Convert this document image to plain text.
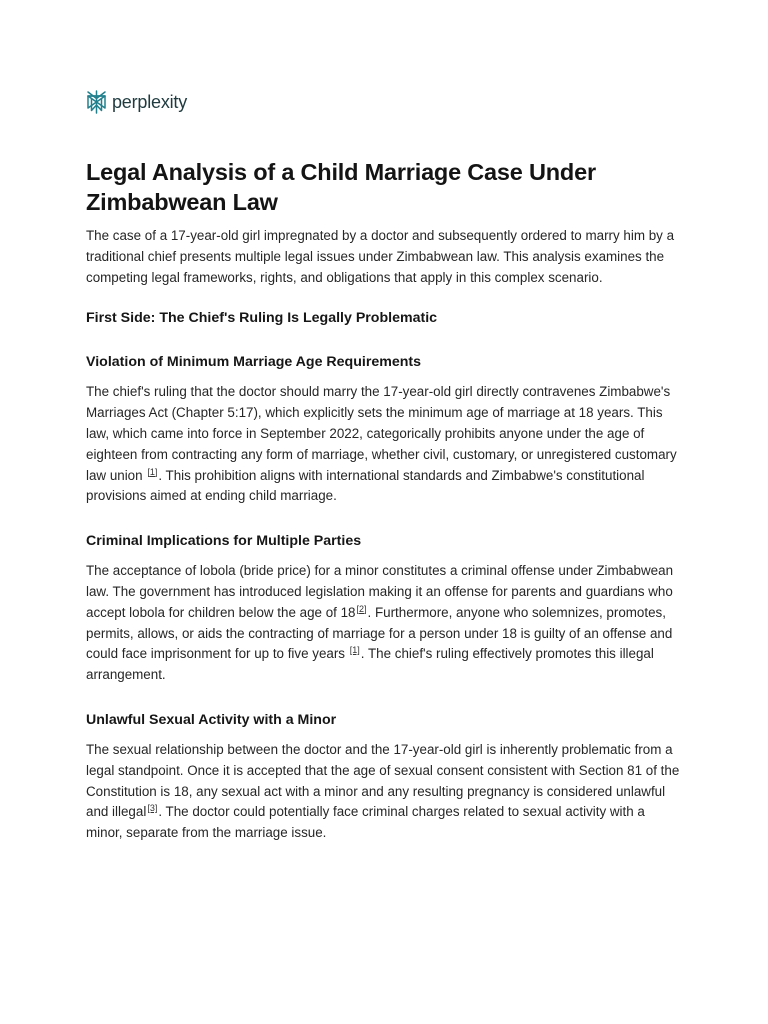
perplexity
Legal Analysis of a Child Marriage Case Under
Zimbabwean Law

The case of a 17-year-old girl impregnated by a doctor and subsequently ordered to marry him by a traditional chief presents multiple legal issues under Zimbabwean law. This analysis examines the competing legal frameworks, rights, and obligations that apply in this complex scenario.

First Side: The Chief's Ruling Is Legally Problematic
Violation of Minimum Marriage Age Requirements

The chief's ruling that the doctor should marry the 17-year-old girl directly contravenes Zimbabwe's Marriages Act (Chapter 5:17), which explicitly sets the minimum age of marriage at 18 years. This law, which came into force in September 2022, categorically prohibits anyone under the age of eighteen from contracting any form of marriage, whether civil, customary, or unregistered customary law union [1]. This prohibition aligns with international standards and Zimbabwe's constitutional provisions aimed at ending child marriage.

Criminal Implications for Multiple Parties

The acceptance of lobola (bride price) for a minor constitutes a criminal offense under Zimbabwean law. The government has introduced legislation making it an offense for parents and guardians who accept lobola for children below the age of 18[2]. Furthermore, anyone who solemnizes, promotes, permits, allows, or aids the contracting of marriage for a person under 18 is guilty of an offense and could face imprisonment for up to five years [1]. The chief's ruling effectively promotes this illegal arrangement.

Unlawful Sexual Activity with a Minor

The sexual relationship between the doctor and the 17-year-old girl is inherently problematic from a legal standpoint. Once it is accepted that the age of sexual consent consistent with Section 81 of the Constitution is 18, any sexual act with a minor and any resulting pregnancy is considered unlawful and illegal[3]. The doctor could potentially face criminal charges related to sexual activity with a minor, separate from the marriage issue.
